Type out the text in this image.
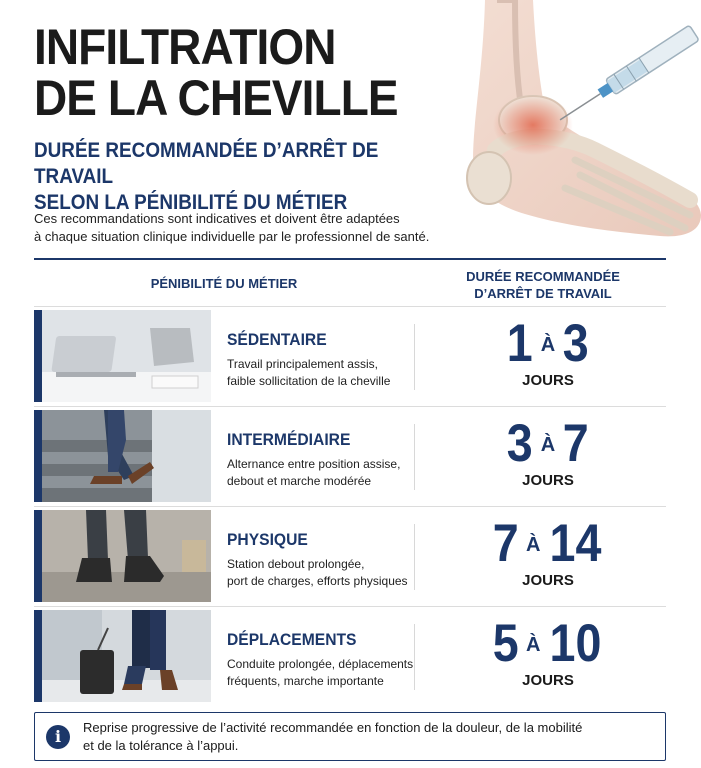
INFILTRATION
DE LA CHEVILLE
DURÉE RECOMMANDÉE D’ARRÊT DE TRAVAIL
SELON LA PÉNIBILITÉ DU MÉTIER
Ces recommandations sont indicatives et doivent être adaptées
à chaque situation clinique individuelle par le professionnel de santé.
PÉNIBILITÉ DU MÉTIER	DURÉE RECOMMANDÉE
D’ARRÊT DE TRAVAIL
SÉDENTAIRE
Travail principalement assis,
faible sollicitation de la cheville
1 À 3
JOURS
INTERMÉDIAIRE
Alternance entre position assise,
debout et marche modérée
3 À 7
JOURS
PHYSIQUE
Station debout prolongée,
port de charges, efforts physiques
7 À 14
JOURS
DÉPLACEMENTS
Conduite prolongée, déplacements
fréquents, marche importante
5 À 10
JOURS
i	Reprise progressive de l’activité recommandée en fonction de la douleur, de la mobilité
et de la tolérance à l’appui.
